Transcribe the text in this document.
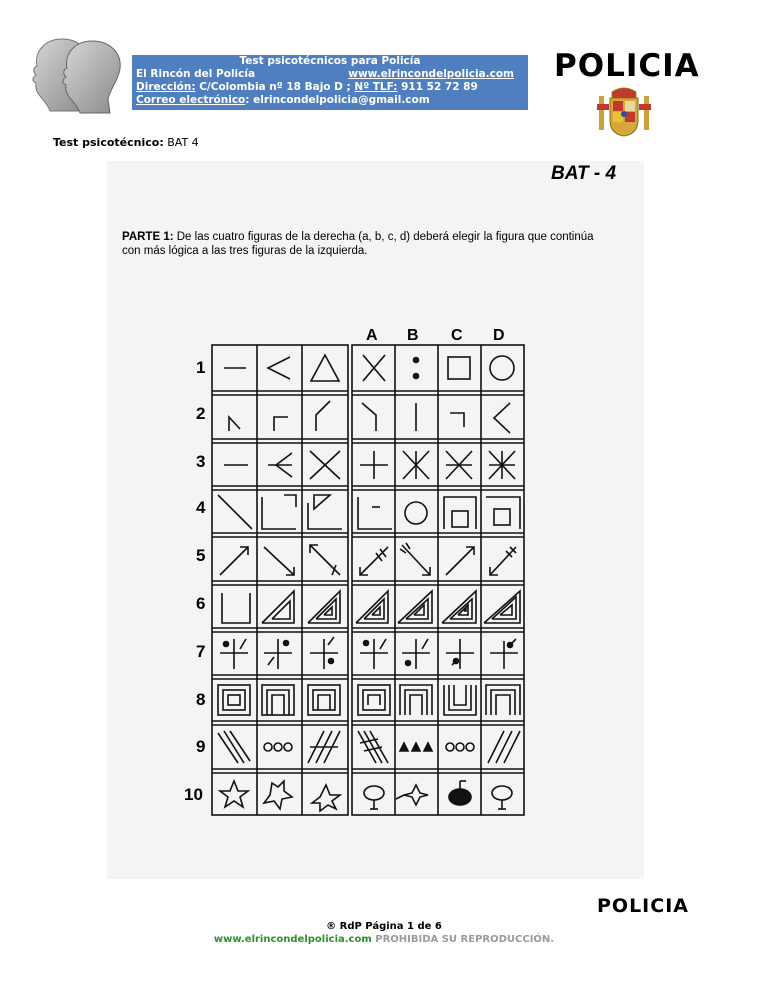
Test psicotécnicos para Policía
El Rincón del Policía	www.elrincondelpolicia.com
Dirección: C/Colombia nº 18 Bajo D ; Nº TLF: 911 52 72 89
Correo electrónico: elrincondelpolicia@gmail.com
POLICIA
Test psicotécnico: BAT 4
BAT - 4
PARTE 1: De las cuatro figuras de la derecha (a, b, c, d) deberá elegir la figura que continúa
con más lógica a las tres figuras de la izquierda.
A B C D
1
2
3
4
5
6
7
8
9
10
® RdP Página 1 de 6
www.elrincondelpolicia.com PROHIBIDA SU REPRODUCCIÓN.
POLICIA
